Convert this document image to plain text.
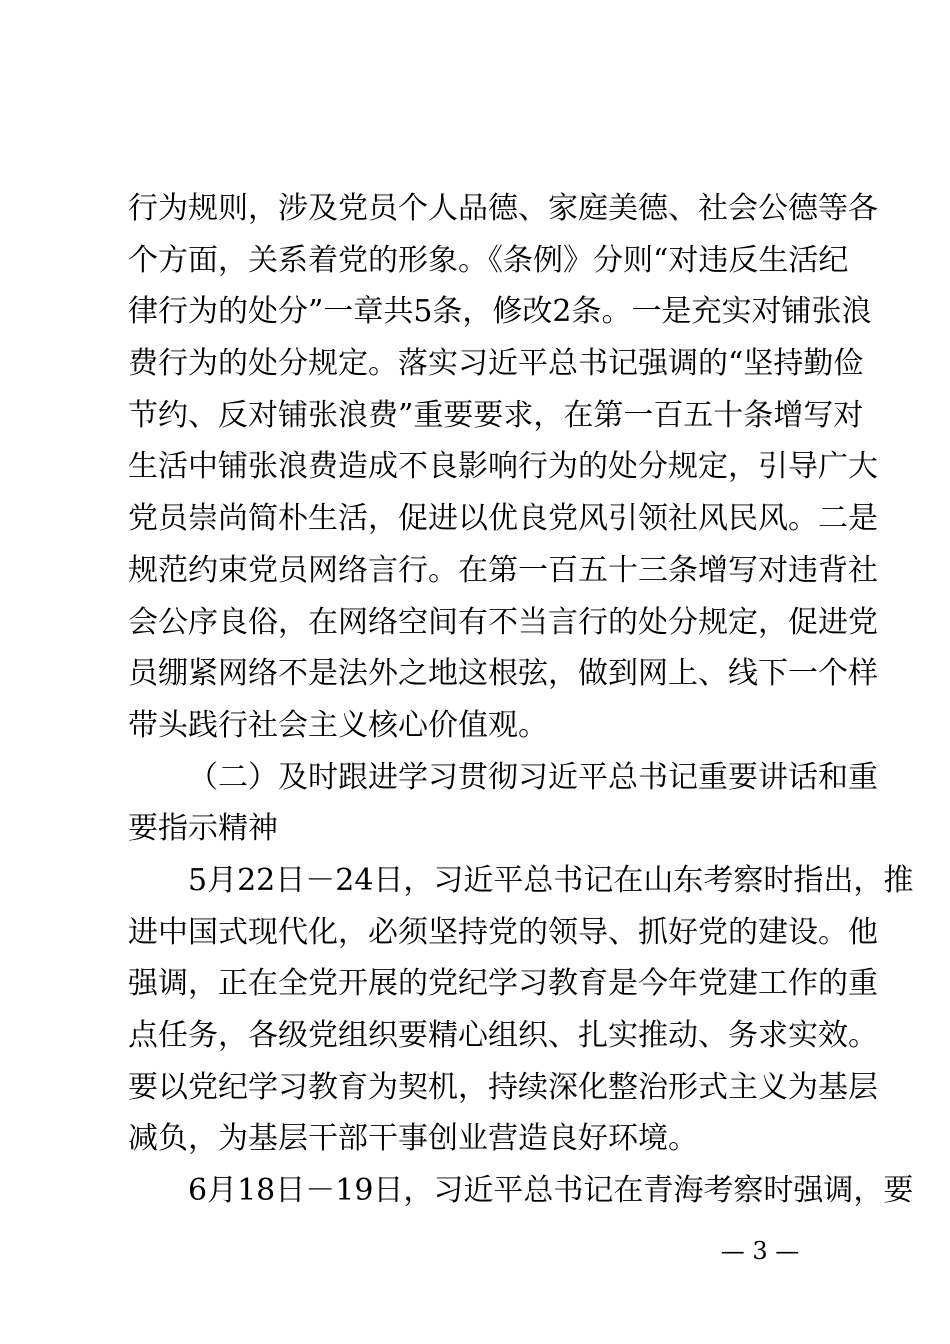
行为规则，涉及党员个人品德、家庭美德、社会公德等各
个方面，关系着党的形象。《条例》分则“对违反生活纪
律行为的处分”一章共5条，修改2条。一是充实对铺张浪
费行为的处分规定。落实习近平总书记强调的“坚持勤俭
节约、反对铺张浪费”重要要求，在第一百五十条增写对
生活中铺张浪费造成不良影响行为的处分规定，引导广大
党员崇尚简朴生活，促进以优良党风引领社风民风。二是
规范约束党员网络言行。在第一百五十三条增写对违背社
会公序良俗，在网络空间有不当言行的处分规定，促进党
员绷紧网络不是法外之地这根弦，做到网上、线下一个样
带头践行社会主义核心价值观。
（二）及时跟进学习贯彻习近平总书记重要讲话和重
要指示精神
5月22日－24日，习近平总书记在山东考察时指出，推
进中国式现代化，必须坚持党的领导、抓好党的建设。他
强调，正在全党开展的党纪学习教育是今年党建工作的重
点任务，各级党组织要精心组织、扎实推动、务求实效。
要以党纪学习教育为契机，持续深化整治形式主义为基层
减负，为基层干部干事创业营造良好环境。
6月18日－19日，习近平总书记在青海考察时强调，要
— 3 —
